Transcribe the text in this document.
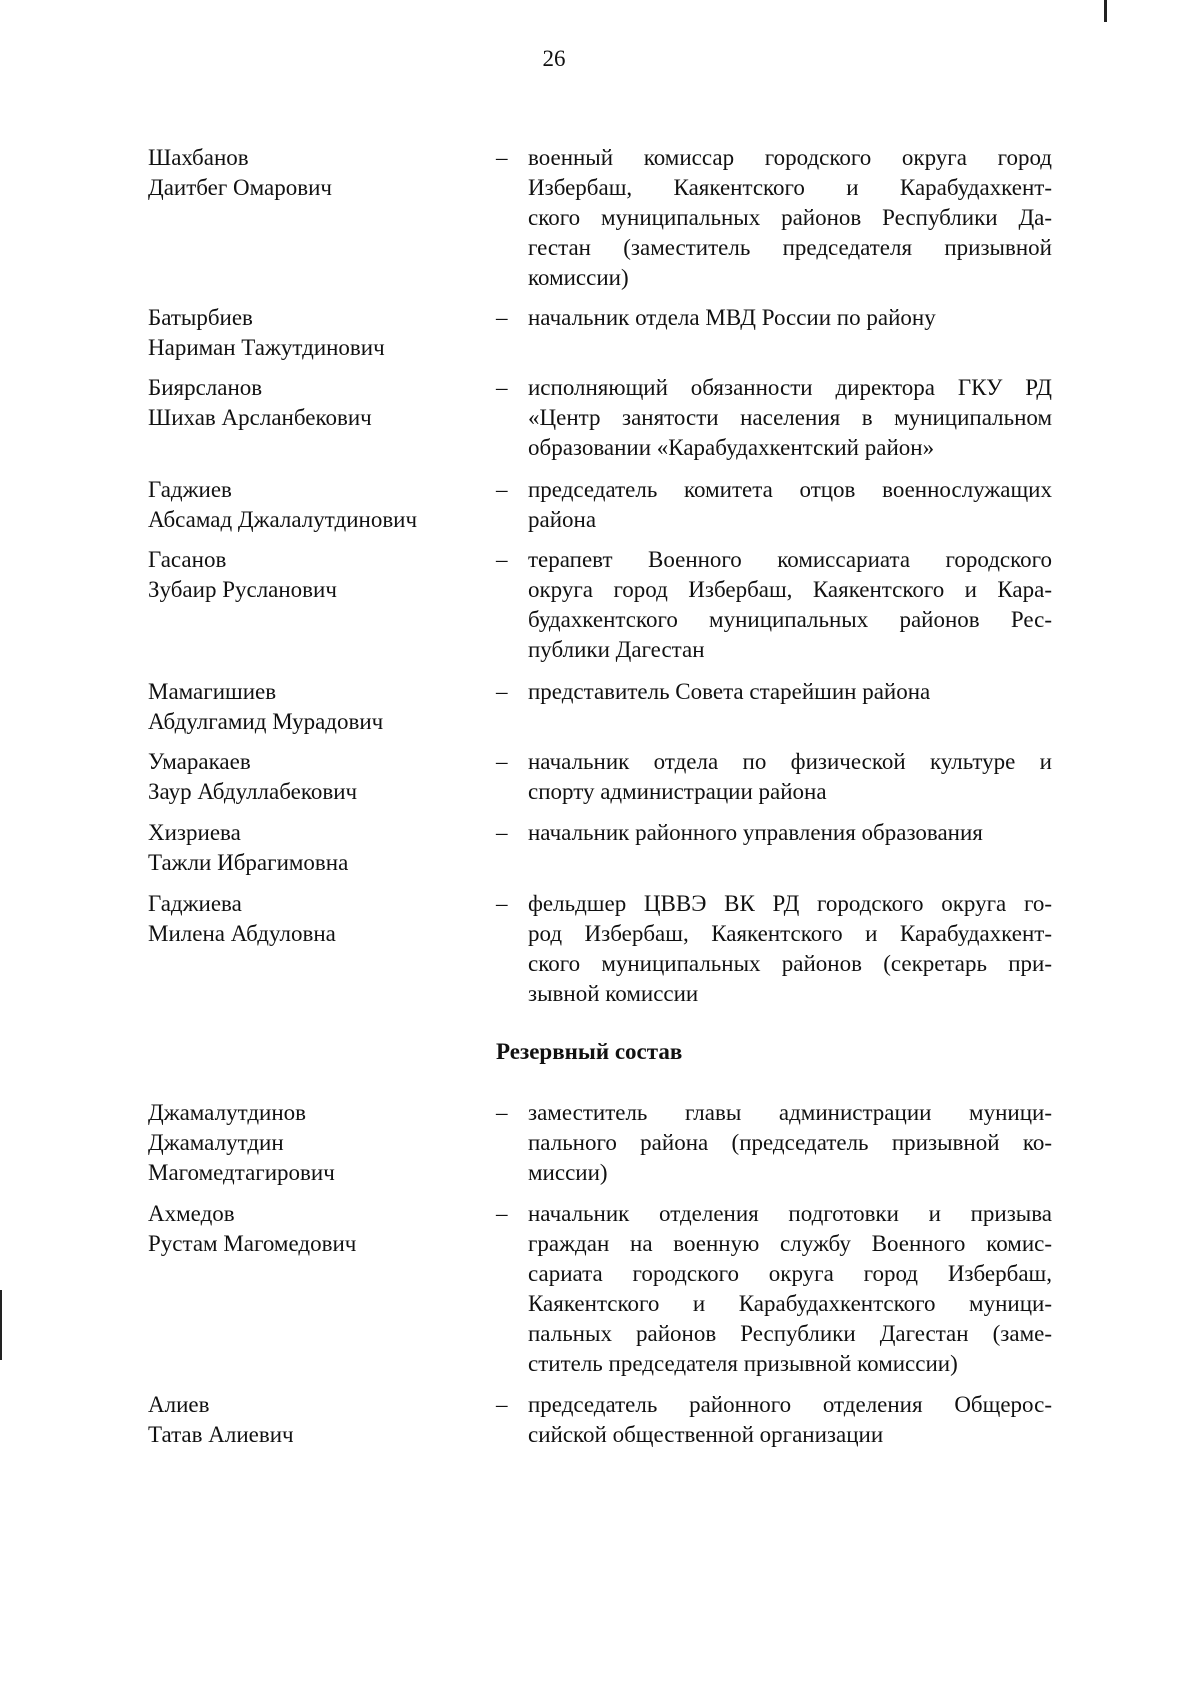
26
Шахбанов
Даитбег Омарович
– военный комиссар городского округа город
Избербаш, Каякентского и Карабудахкент-
ского муниципальных районов Республики Да-
гестан (заместитель председателя призывной
комиссии)
Батырбиев
Нариман Тажутдинович
– начальник отдела МВД России по району
Биярсланов
Шихав Арсланбекович
– исполняющий обязанности директора ГКУ РД
«Центр занятости населения в муниципальном
образовании «Карабудахкентский район»
Гаджиев
Абсамад Джалалутдинович
– председатель комитета отцов военнослужащих
района
Гасанов
Зубаир Русланович
– терапевт Военного комиссариата городского
округа город Избербаш, Каякентского и Кара-
будахкентского муниципальных районов Рес-
публики Дагестан
Мамагишиев
Абдулгамид Мурадович
– представитель Совета старейшин района
Умаракаев
Заур Абдуллабекович
– начальник отдела по физической культуре и
спорту администрации района
Хизриева
Тажли Ибрагимовна
– начальник районного управления образования
Гаджиева
Милена Абдуловна
– фельдшер ЦВВЭ ВК РД городского округа го-
род Избербаш, Каякентского и Карабудахкент-
ского муниципальных районов (секретарь при-
зывной комиссии
Резервный состав
Джамалутдинов
Джамалутдин
Магомедтагирович
– заместитель главы администрации муници-
пального района (председатель призывной ко-
миссии)
Ахмедов
Рустам Магомедович
– начальник отделения подготовки и призыва
граждан на военную службу Военного комис-
сариата городского округа город Избербаш,
Каякентского и Карабудахкентского муници-
пальных районов Республики Дагестан (заме-
ститель председателя призывной комиссии)
Алиев
Татав Алиевич
– председатель районного отделения Общерос-
сийской общественной организации
